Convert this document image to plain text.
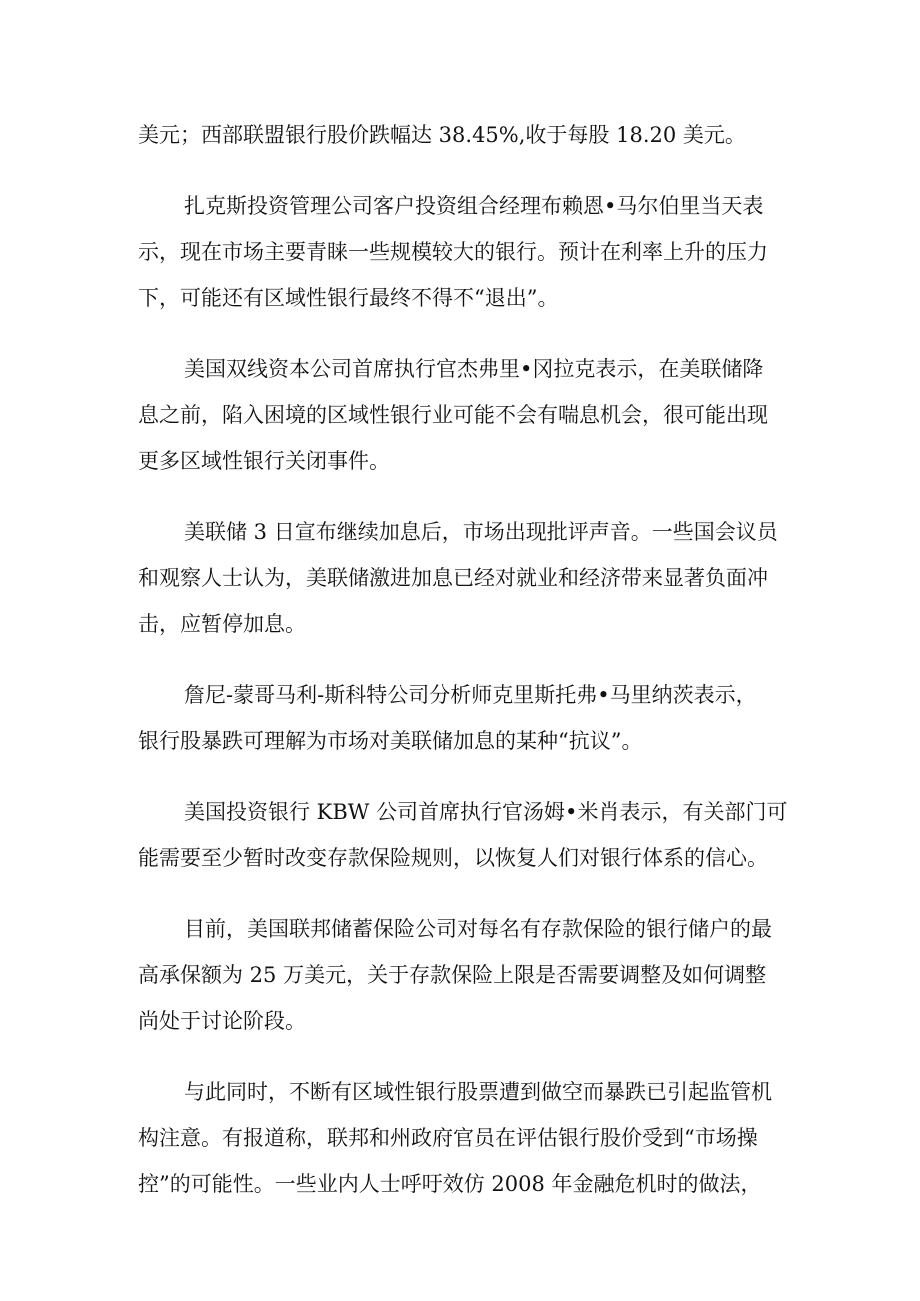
美元；西部联盟银行股价跌幅达 38.45%,收于每股 18.20 美元。
扎克斯投资管理公司客户投资组合经理布赖恩•马尔伯里当天表
示，现在市场主要青睐一些规模较大的银行。预计在利率上升的压力
下，可能还有区域性银行最终不得不“退出”。
美国双线资本公司首席执行官杰弗里•冈拉克表示，在美联储降
息之前，陷入困境的区域性银行业可能不会有喘息机会，很可能出现
更多区域性银行关闭事件。
美联储 3 日宣布继续加息后，市场出现批评声音。一些国会议员
和观察人士认为，美联储激进加息已经对就业和经济带来显著负面冲
击，应暂停加息。
詹尼-蒙哥马利-斯科特公司分析师克里斯托弗•马里纳茨表示，
银行股暴跌可理解为市场对美联储加息的某种“抗议”。
美国投资银行 KBW 公司首席执行官汤姆•米肖表示，有关部门可
能需要至少暂时改变存款保险规则，以恢复人们对银行体系的信心。
目前，美国联邦储蓄保险公司对每名有存款保险的银行储户的最
高承保额为 25 万美元，关于存款保险上限是否需要调整及如何调整
尚处于讨论阶段。
与此同时，不断有区域性银行股票遭到做空而暴跌已引起监管机
构注意。有报道称，联邦和州政府官员在评估银行股价受到“市场操
控”的可能性。一些业内人士呼吁效仿 2008 年金融危机时的做法，
